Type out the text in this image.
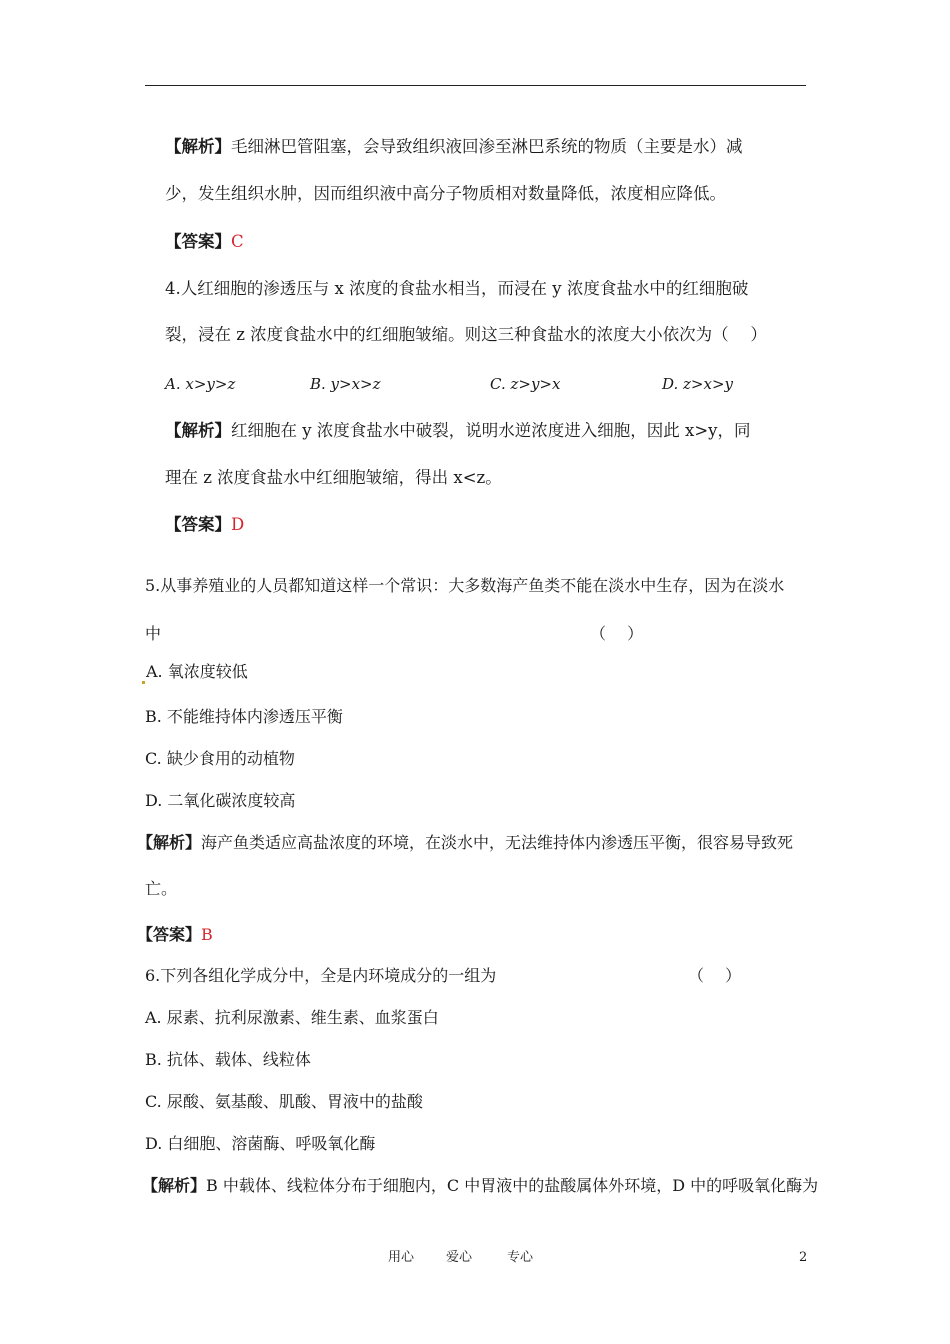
【解析】毛细淋巴管阻塞，会导致组织液回渗至淋巴系统的物质（主要是水）减
少，发生组织水肿，因而组织液中高分子物质相对数量降低，浓度相应降低。
【答案】C
4.人红细胞的渗透压与 x 浓度的食盐水相当，而浸在 y 浓度食盐水中的红细胞破
裂，浸在 z 浓度食盐水中的红细胞皱缩。则这三种食盐水的浓度大小依次为（　 ）
A. x>y>z	B. y>x>z	C. z>y>x	D. z>x>y
【解析】红细胞在 y 浓度食盐水中破裂，说明水逆浓度进入细胞，因此 x>y，同
理在 z 浓度食盐水中红细胞皱缩，得出 x<z。
【答案】D
5.从事养殖业的人员都知道这样一个常识：大多数海产鱼类不能在淡水中生存，因为在淡水
中	（　 ）
A. 氧浓度较低
B. 不能维持体内渗透压平衡
C. 缺少食用的动植物
D. 二氧化碳浓度较高
【解析】海产鱼类适应高盐浓度的环境，在淡水中，无法维持体内渗透压平衡，很容易导致死
亡。
【答案】B
6.下列各组化学成分中，全是内环境成分的一组为	（　 ）
A. 尿素、抗利尿激素、维生素、血浆蛋白
B. 抗体、载体、线粒体
C. 尿酸、氨基酸、肌酸、胃液中的盐酸
D. 白细胞、溶菌酶、呼吸氧化酶
【解析】B 中载体、线粒体分布于细胞内，C 中胃液中的盐酸属体外环境，D 中的呼吸氧化酶为
用心 爱心	专心	2
